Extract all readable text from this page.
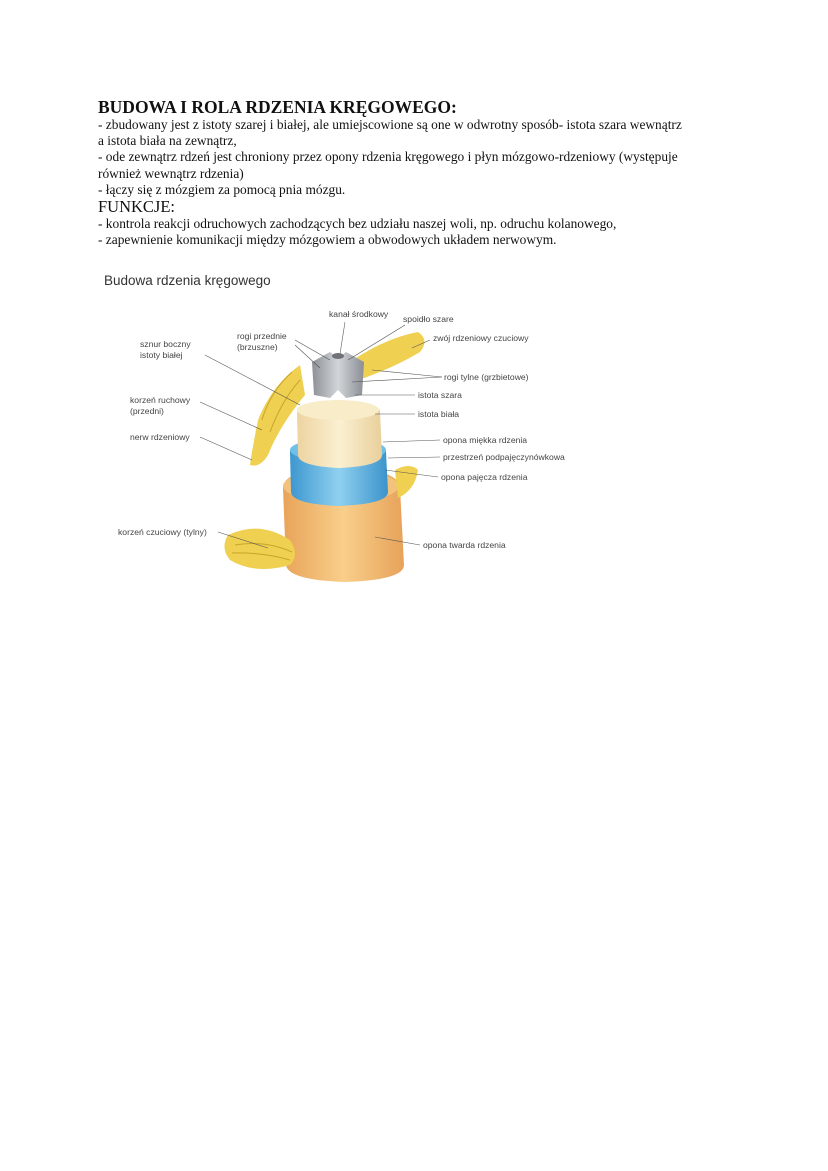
BUDOWA I ROLA RDZENIA KRĘGOWEGO:

- zbudowany jest z istoty szarej i białej, ale umiejscowione są one w odwrotny sposób- istota szara wewnątrz

a istota biała na zewnątrz,

- ode zewnątrz rdzeń jest chroniony przez opony rdzenia kręgowego i płyn mózgowo-rdzeniowy (występuje

również wewnątrz rdzenia)

- łączy się z mózgiem za pomocą pnia mózgu.

FUNKCJE:

- kontrola reakcji odruchowych zachodzących bez udziału naszej woli, np. odruchu kolanowego,

- zapewnienie komunikacji między mózgowiem a obwodowych układem nerwowym.

Budowa rdzenia kręgowego
kanał środkowy spoidło szare
rogi przednie
(brzuszne)
zwój rdzeniowy czuciowy
sznur boczny
istoty białej
rogi tylne (grzbietowe)
istota szara
korzeń ruchowy
(przedni)	istota biała
nerw rdzeniowy	opona miękka rdzenia
przestrzeń podpajęczynówkowa
opona pajęcza rdzenia
korzeń czuciowy (tylny)
opona twarda rdzenia
